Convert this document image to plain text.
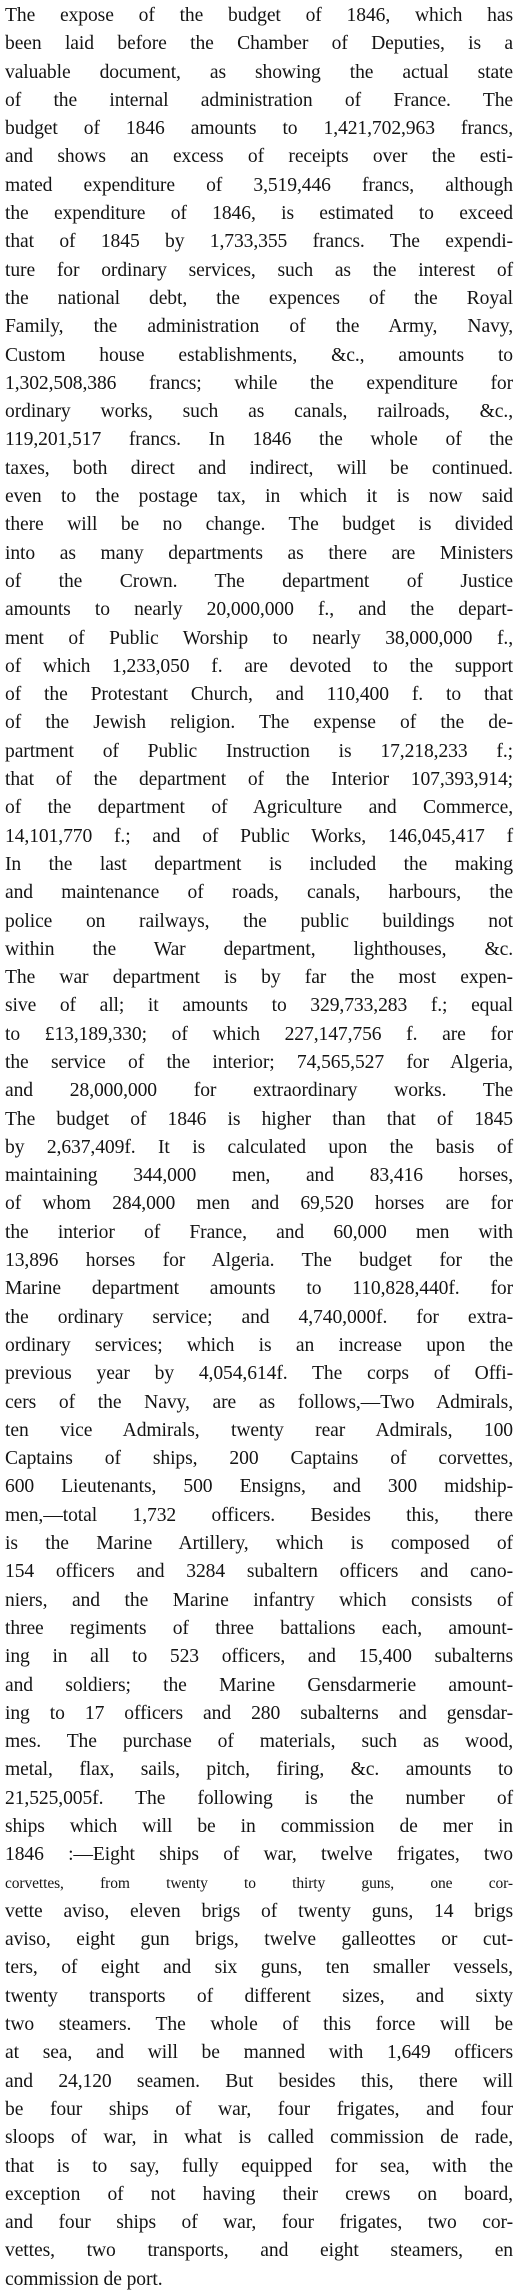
The expose of the budget of 1846, which has
been laid before the Chamber of Deputies, is a
valuable document, as showing the actual state
of the internal administration of France. The
budget of 1846 amounts to 1,421,702,963 francs,
and shows an excess of receipts over the esti-
mated expenditure of 3,519,446 francs, although
the expenditure of 1846, is estimated to exceed
that of 1845 by 1,733,355 francs. The expendi-
ture for ordinary services, such as the interest of
the national debt, the expences of the Royal
Family, the administration of the Army, Navy,
Custom house establishments, &c., amounts to
1,302,508,386 francs; while the expenditure for
ordinary works, such as canals, railroads, &c.,
119,201,517 francs. In 1846 the whole of the
taxes, both direct and indirect, will be continued.
even to the postage tax, in which it is now said
there will be no change. The budget is divided
into as many departments as there are Ministers
of the Crown. The department of Justice
amounts to nearly 20,000,000 f., and the depart-
ment of Public Worship to nearly 38,000,000 f.,
of which 1,233,050 f. are devoted to the support
of the Protestant Church, and 110,400 f. to that
of the Jewish religion. The expense of the de-
partment of Public Instruction is 17,218,233 f.;
that of the department of the Interior 107,393,914;
of the department of Agriculture and Commerce,
14,101,770 f.; and of Public Works, 146,045,417 f
In the last department is included the making
and maintenance of roads, canals, harbours, the
police on railways, the public buildings not
within the War department, lighthouses, &c.
The war department is by far the most expen-
sive of all; it amounts to 329,733,283 f.; equal
to £13,189,330; of which 227,147,756 f. are for
the service of the interior; 74,565,527 for Algeria,
and 28,000,000 for extraordinary works. The
The budget of 1846 is higher than that of 1845
by 2,637,409f. It is calculated upon the basis of
maintaining 344,000 men, and 83,416 horses,
of whom 284,000 men and 69,520 horses are for
the interior of France, and 60,000 men with
13,896 horses for Algeria. The budget for the
Marine department amounts to 110,828,440f. for
the ordinary service; and 4,740,000f. for extra-
ordinary services; which is an increase upon the
previous year by 4,054,614f. The corps of Offi-
cers of the Navy, are as follows,—Two Admirals,
ten vice Admirals, twenty rear Admirals, 100
Captains of ships, 200 Captains of corvettes,
600 Lieutenants, 500 Ensigns, and 300 midship-
men,—total 1,732 officers. Besides this, there
is the Marine Artillery, which is composed of
154 officers and 3284 subaltern officers and cano-
niers, and the Marine infantry which consists of
three regiments of three battalions each, amount-
ing in all to 523 officers, and 15,400 subalterns
and soldiers; the Marine Gensdarmerie amount-
ing to 17 officers and 280 subalterns and gensdar-
mes. The purchase of materials, such as wood,
metal, flax, sails, pitch, firing, &c. amounts to
21,525,005f. The following is the number of
ships which will be in commission de mer in
1846 :—Eight ships of war, twelve frigates, two
corvettes, from twenty to thirty guns, one cor-
vette aviso, eleven brigs of twenty guns, 14 brigs
aviso, eight gun brigs, twelve galleottes or cut-
ters, of eight and six guns, ten smaller vessels,
twenty transports of different sizes, and sixty
two steamers. The whole of this force will be
at sea, and will be manned with 1,649 officers
and 24,120 seamen. But besides this, there will
be four ships of war, four frigates, and four
sloops of war, in what is called commission de rade,
that is to say, fully equipped for sea, with the
exception of not having their crews on board,
and four ships of war, four frigates, two cor-
vettes, two transports, and eight steamers, en
commission de port.
